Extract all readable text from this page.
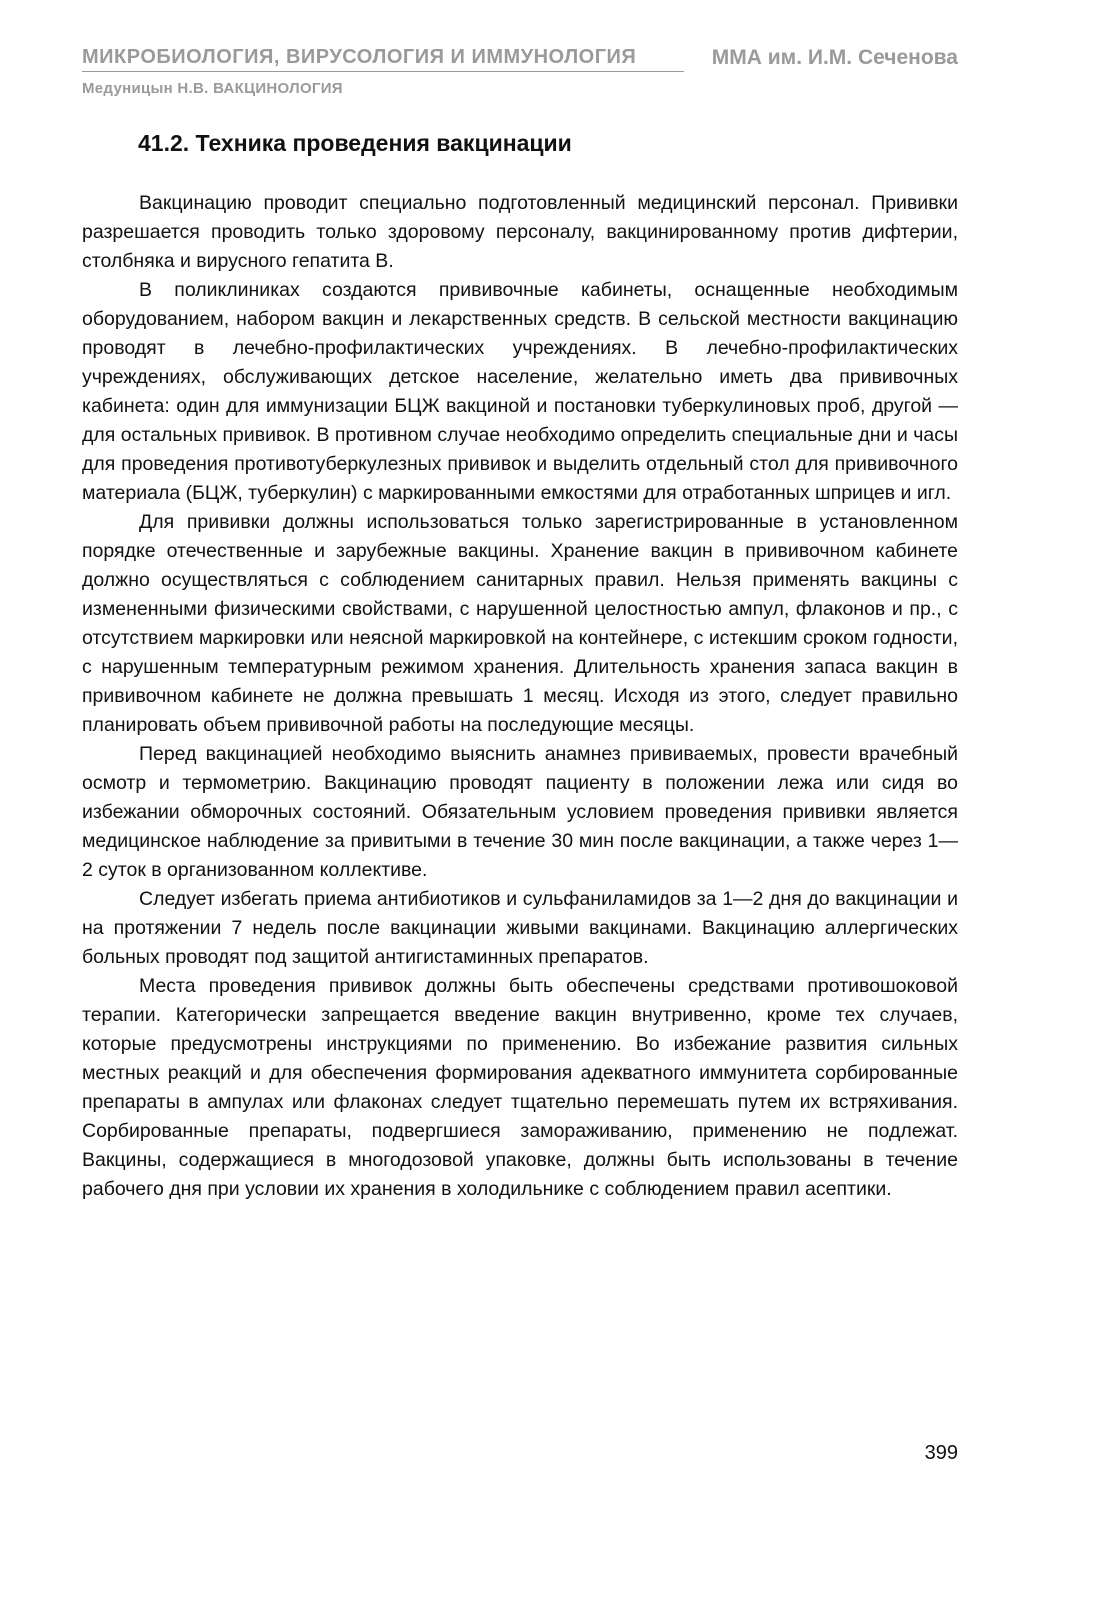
МИКРОБИОЛОГИЯ, ВИРУСОЛОГИЯ И ИММУНОЛОГИЯ	ММА им. И.М. Сеченова
Медуницын Н.В. ВАКЦИНОЛОГИЯ
41.2. Техника проведения вакцинации

Вакцинацию проводит специально подготовленный медицинский персонал. Прививки разрешается проводить только здоровому персоналу, вакцинированному против дифтерии, столбняка и вирусного гепатита В.

В поликлиниках создаются прививочные кабинеты, оснащенные необходимым оборудованием, набором вакцин и лекарственных средств. В сельской местности вакцинацию проводят в лечебно-профилактических учреждениях. В лечебно-профилактических учреждениях, обслуживающих детское население, желательно иметь два прививочных кабинета: один для иммунизации БЦЖ вакциной и постановки туберкулиновых проб, другой — для остальных прививок. В противном случае необходимо определить специальные дни и часы для проведения противотуберкулезных прививок и выделить отдельный стол для прививочного материала (БЦЖ, туберкулин) с маркированными емкостями для отработанных шприцев и игл.

Для прививки должны использоваться только зарегистрированные в установленном порядке отечественные и зарубежные вакцины. Хранение вакцин в прививочном кабинете должно осуществляться с соблюдением санитарных правил. Нельзя применять вакцины с измененными физическими свойствами, с нарушенной целостностью ампул, флаконов и пр., с отсутствием маркировки или неясной маркировкой на контейнере, с истекшим сроком годности, с нарушенным температурным режимом хранения. Длительность хранения запаса вакцин в прививочном кабинете не должна превышать 1 месяц. Исходя из этого, следует правильно планировать объем прививочной работы на последующие месяцы.

Перед вакцинацией необходимо выяснить анамнез прививаемых, провести врачебный осмотр и термометрию. Вакцинацию проводят пациенту в положении лежа или сидя во избежании обморочных состояний. Обязательным условием проведения прививки является медицинское наблюдение за привитыми в течение 30 мин после вакцинации, а также через 1—2 суток в организованном коллективе.

Следует избегать приема антибиотиков и сульфаниламидов за 1—2 дня до вакцинации и на протяжении 7 недель после вакцинации живыми вакцинами. Вакцинацию аллергических больных проводят под защитой антигистаминных препаратов.

Места проведения прививок должны быть обеспечены средствами противошоковой терапии. Категорически запрещается введение вакцин внутривенно, кроме тех случаев, которые предусмотрены инструкциями по применению. Во избежание развития сильных местных реакций и для обеспечения формирования адекватного иммунитета сорбированные препараты в ампулах или флаконах следует тщательно перемешать путем их встряхивания. Сорбированные препараты, подвергшиеся замораживанию, применению не подлежат. Вакцины, содержащиеся в многодозовой упаковке, должны быть использованы в течение рабочего дня при условии их хранения в холодильнике с соблюдением правил асептики.

399
